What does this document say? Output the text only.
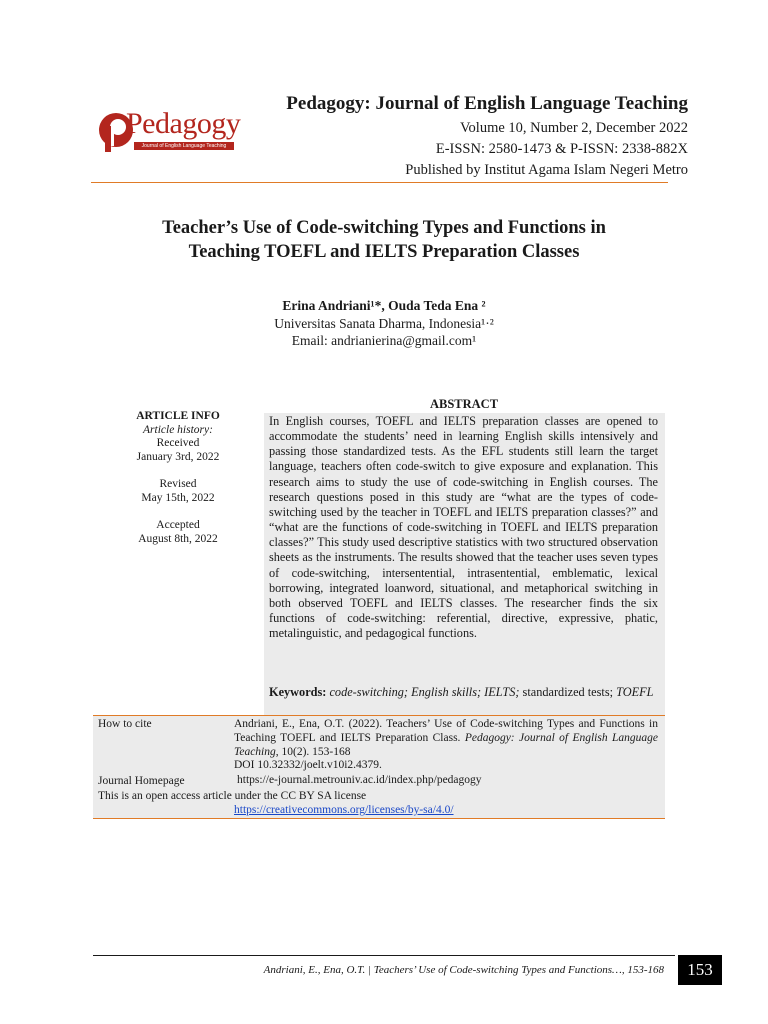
Pedagogy
Journal of English Language Teaching
Pedagogy: Journal of English Language Teaching
Volume 10, Number 2, December 2022
E-ISSN: 2580-1473 & P-ISSN: 2338-882X
Published by Institut Agama Islam Negeri Metro
Teacher’s Use of Code-switching Types and Functions in
Teaching TOEFL and IELTS Preparation Classes
Erina Andriani¹*, Ouda Teda Ena ²
Universitas Sanata Dharma, Indonesia¹·²
Email: andrianierina@gmail.com¹
ABSTRACT
ARTICLE INFO
Article history:
Received
January 3rd, 2022
Revised
May 15th, 2022
Accepted
August 8th, 2022
In English courses, TOEFL and IELTS preparation classes are opened to accommodate the students’ need in learning English skills intensively and passing those standardized tests. As the EFL students still learn the target language, teachers often code-switch to give exposure and explanation. This research aims to study the use of code-switching in English courses. The research questions posed in this study are “what are the types of code-switching used by the teacher in TOEFL and IELTS preparation classes?” and “what are the functions of code-switching in TOEFL and IELTS preparation classes?” This study used descriptive statistics with two structured observation sheets as the instruments. The results showed that the teacher uses seven types of code-switching, intersentential, intrasentential, emblematic, lexical borrowing, integrated loanword, situational, and metaphorical switching in both observed TOEFL and IELTS classes. The researcher finds the six functions of code-switching: referential, directive, expressive, phatic, metalinguistic, and pedagogical functions.
Keywords: code-switching; English skills; IELTS; standardized tests; TOEFL
How to cite	Andriani, E., Ena, O.T. (2022). Teachers’ Use of Code-switching Types and Functions in Teaching TOEFL and IELTS Preparation Class. Pedagogy: Journal of English Language Teaching, 10(2). 153-168
DOI 10.32332/joelt.v10i2.4379.
Journal Homepage	https://e-journal.metrouniv.ac.id/index.php/pedagogy
This is an open access article under the CC BY SA license
https://creativecommons.org/licenses/by-sa/4.0/
Andriani, E., Ena, O.T. | Teachers’ Use of Code-switching Types and Functions…, 153-168	153
